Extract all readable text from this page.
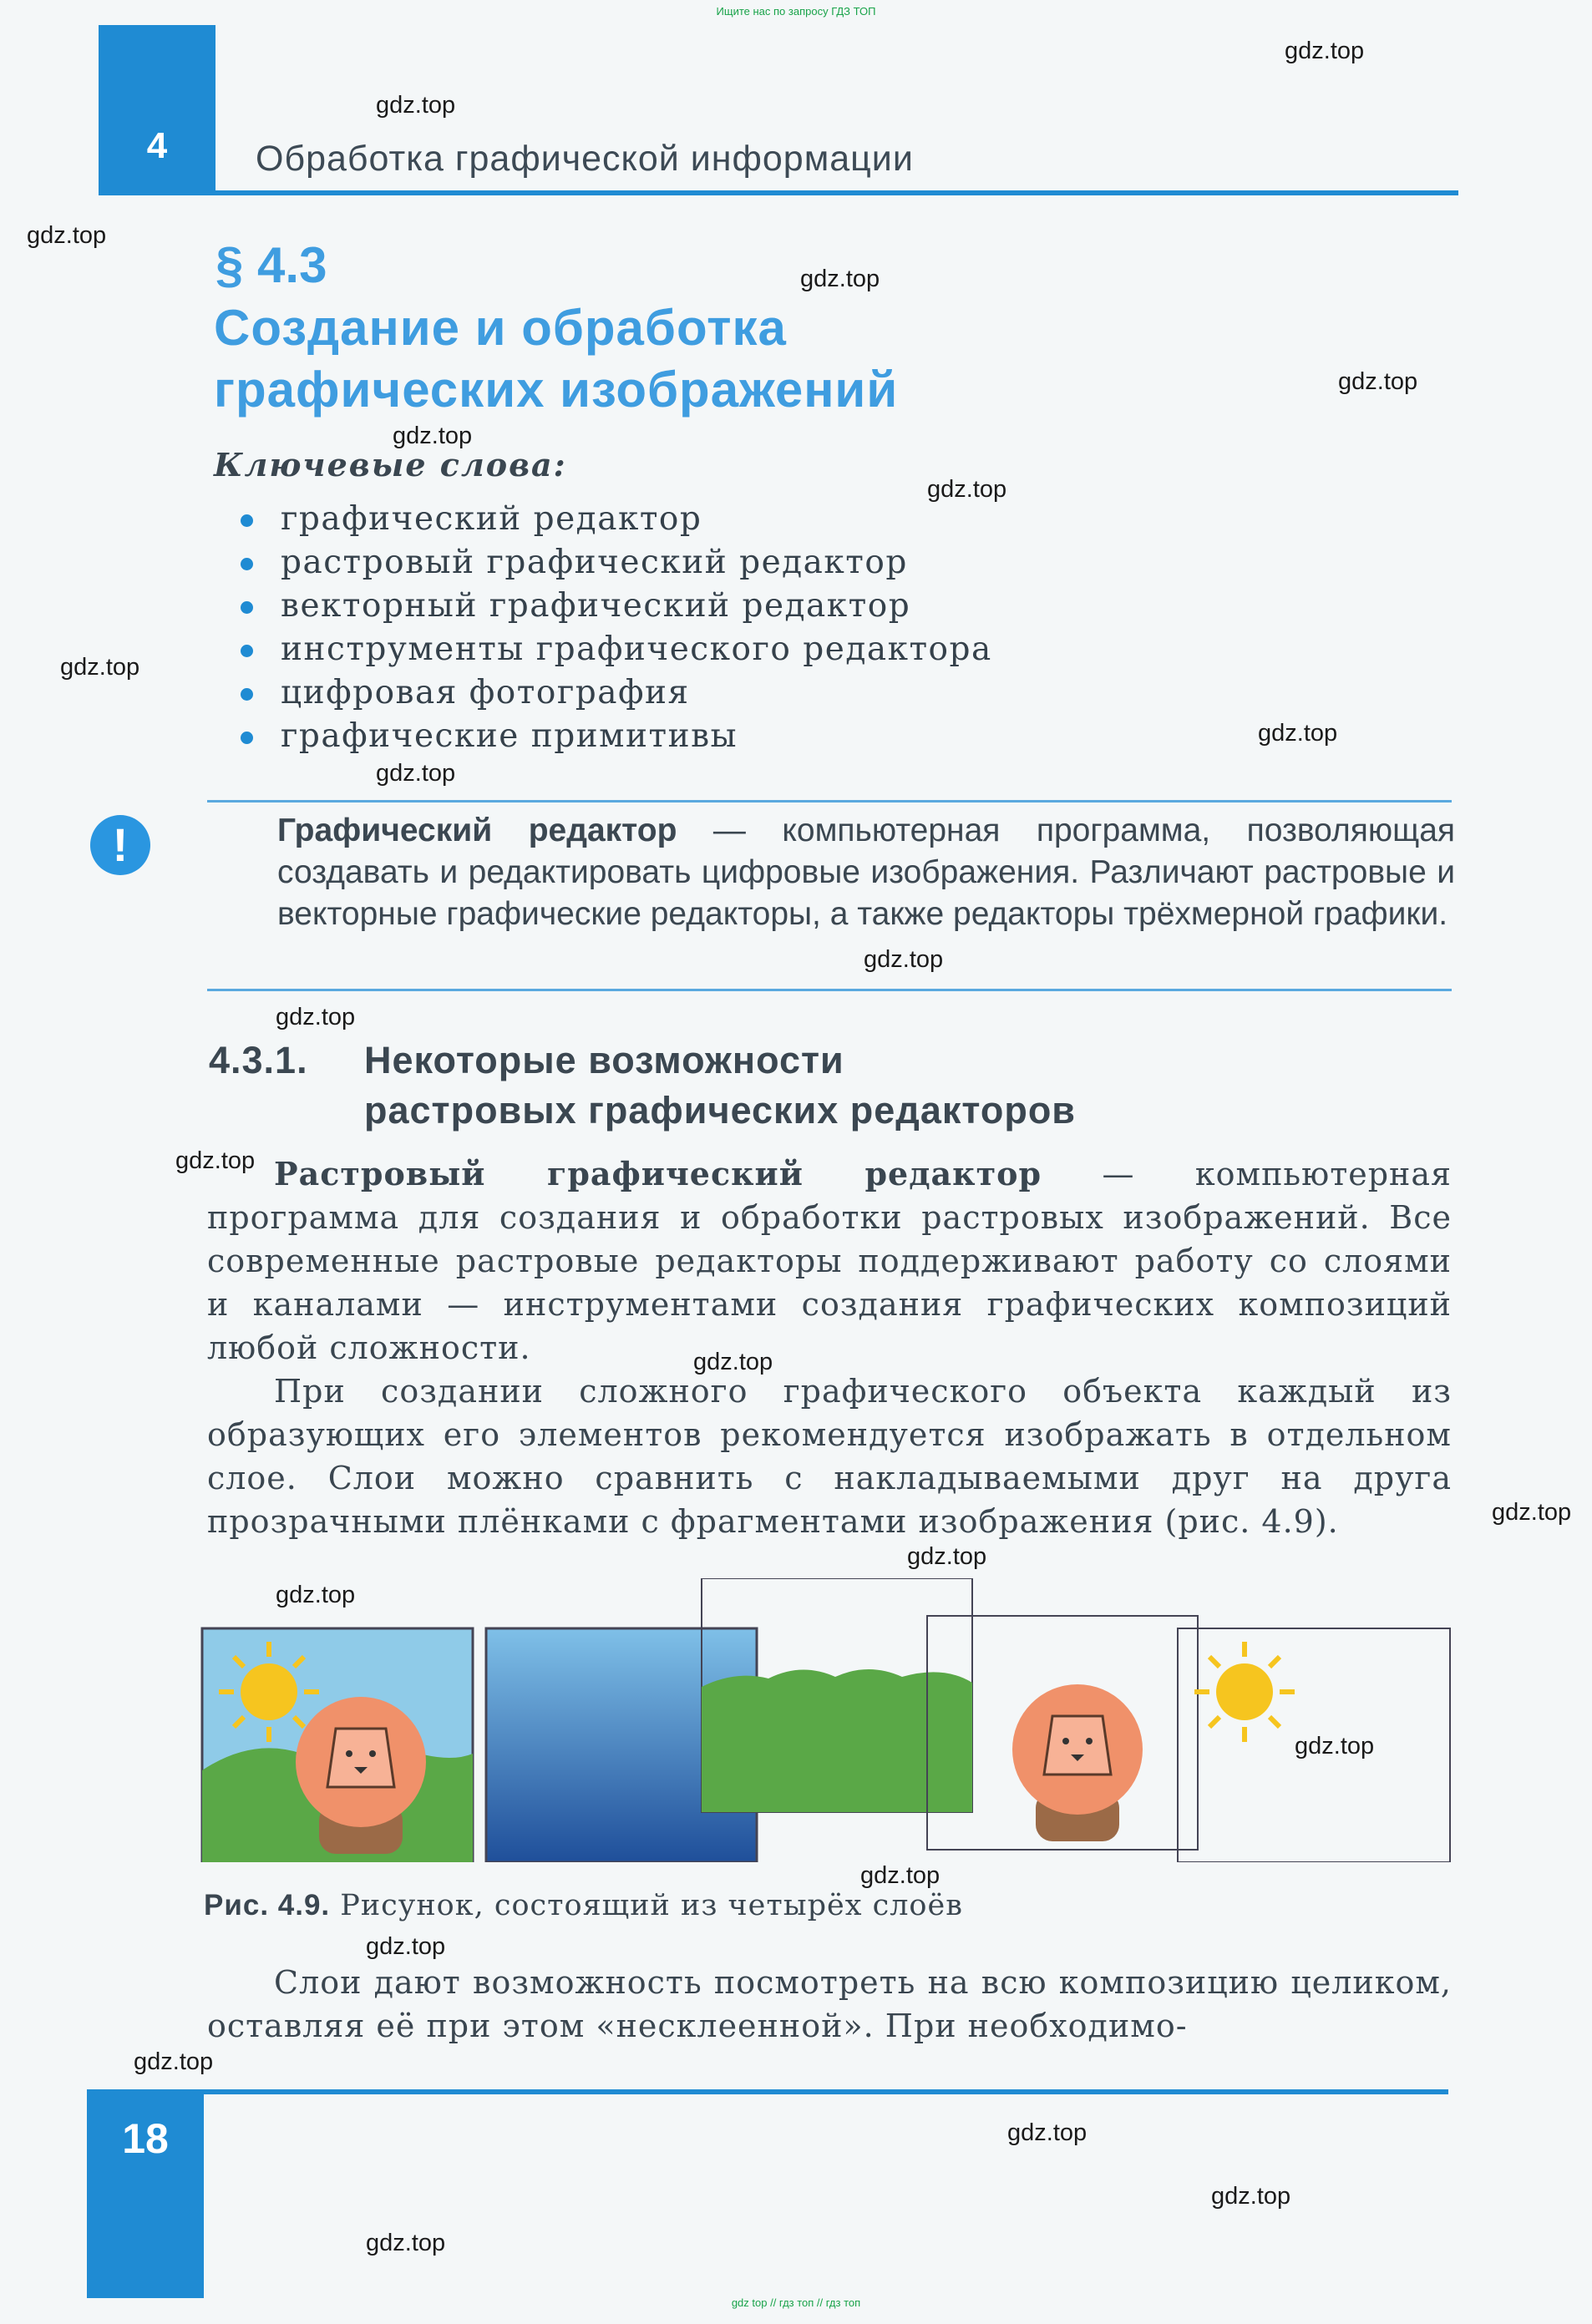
Ищите нас по запросу ГДЗ ТОП
4	Обработка графической информации
§ 4.3
Создание и обработка
графических изображений
Ключевые слова:
графический редактор
растровый графический редактор
векторный графический редактор
инструменты графического редактора
цифровая фотография
графические примитивы
!	Графический редактор — компьютерная программа, позволяющая создавать и редактировать цифровые изображения. Различают растровые и векторные графические редакторы, а также редакторы трёхмерной графики.
4.3.1. Некоторые возможности
растровых графических редакторов

Растровый графический редактор — компьютерная программа для создания и обработки растровых изображений. Все современные растровые редакторы поддерживают работу со слоями и каналами — инструментами создания графических композиций любой сложности.

При создании сложного графического объекта каждый из образующих его элементов рекомендуется изображать в отдельном слое. Слои можно сравнить с накладываемыми друг на друга прозрачными плёнками с фрагментами изображения (рис. 4.9).

Рис. 4.9. Рисунок, состоящий из четырёх слоёв

Слои дают возможность посмотреть на всю композицию целиком, оставляя её при этом «несклеенной». При необходимо-

18
gdz.top
gdz.top
gdz.top
gdz.top
gdz.top
gdz.top
gdz.top
gdz.top
gdz.top
gdz.top
gdz.top
gdz.top
gdz.top
gdz.top
gdz.top
gdz.top
gdz.top
gdz.top
gdz.top
gdz.top
gdz.top
gdz.top
gdz.top
gdz.top
gdz top // гдз топ // гдз топ
